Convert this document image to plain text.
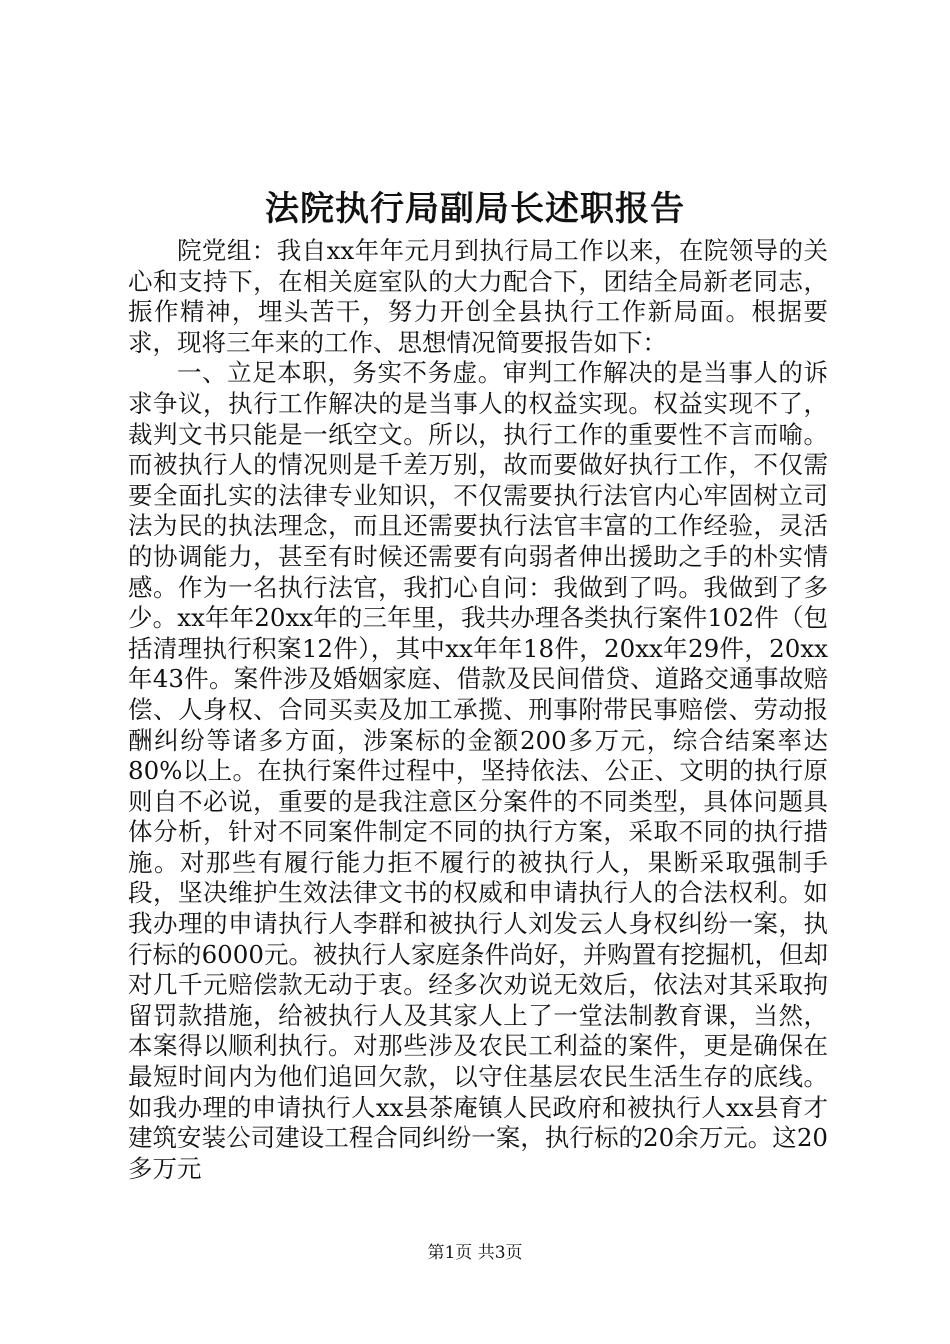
法院执行局副局长述职报告

院党组：我自xx年年元月到执行局工作以来，在院领导的关心和支持下，在相关庭室队的大力配合下，团结全局新老同志，振作精神，埋头苦干，努力开创全县执行工作新局面。根据要求，现将三年来的工作、思想情况简要报告如下：

一、立足本职，务实不务虚。审判工作解决的是当事人的诉求争议，执行工作解决的是当事人的权益实现。权益实现不了，裁判文书只能是一纸空文。所以，执行工作的重要性不言而喻。而被执行人的情况则是千差万别，故而要做好执行工作，不仅需要全面扎实的法律专业知识，不仅需要执行法官内心牢固树立司法为民的执法理念，而且还需要执行法官丰富的工作经验，灵活的协调能力，甚至有时候还需要有向弱者伸出援助之手的朴实情感。作为一名执行法官，我扪心自问：我做到了吗。我做到了多少。xx年年20xx年的三年里，我共办理各类执行案件102件（包括清理执行积案12件），其中xx年年18件，20xx年29件，20xx年43件。案件涉及婚姻家庭、借款及民间借贷、道路交通事故赔偿、人身权、合同买卖及加工承揽、刑事附带民事赔偿、劳动报酬纠纷等诸多方面，涉案标的金额200多万元，综合结案率达80%以上。在执行案件过程中，坚持依法、公正、文明的执行原则自不必说，重要的是我注意区分案件的不同类型，具体问题具体分析，针对不同案件制定不同的执行方案，采取不同的执行措施。对那些有履行能力拒不履行的被执行人，果断采取强制手段，坚决维护生效法律文书的权威和申请执行人的合法权利。如我办理的申请执行人李群和被执行人刘发云人身权纠纷一案，执行标的6000元。被执行人家庭条件尚好，并购置有挖掘机，但却对几千元赔偿款无动于衷。经多次劝说无效后，依法对其采取拘留罚款措施，给被执行人及其家人上了一堂法制教育课，当然，本案得以顺利执行。对那些涉及农民工利益的案件，更是确保在最短时间内为他们追回欠款，以守住基层农民生活生存的底线。如我办理的申请执行人xx县茶庵镇人民政府和被执行人xx县育才建筑安装公司建设工程合同纠纷一案，执行标的20余万元。这20多万元

第1页 共3页
